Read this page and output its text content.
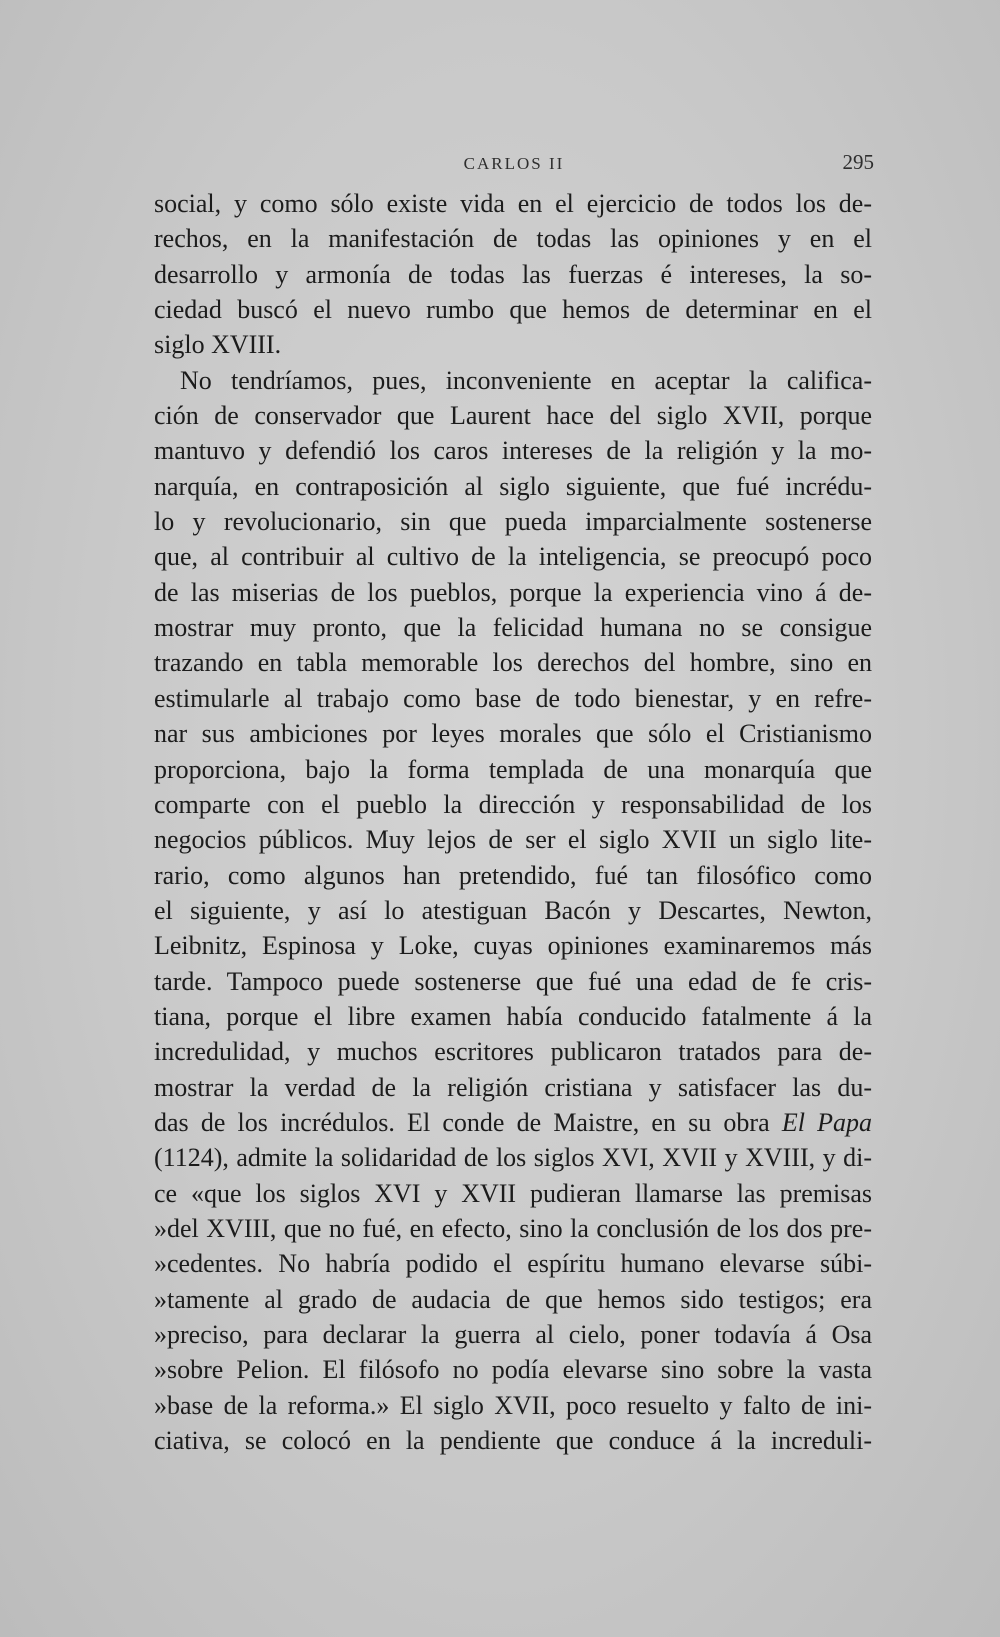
CARLOS II	295
social, y como sólo existe vida en el ejercicio de todos los de-
rechos, en la manifestación de todas las opiniones y en el
desarrollo y armonía de todas las fuerzas é intereses, la so-
ciedad buscó el nuevo rumbo que hemos de determinar en el
siglo XVIII.
No tendríamos, pues, inconveniente en aceptar la califica-
ción de conservador que Laurent hace del siglo XVII, porque
mantuvo y defendió los caros intereses de la religión y la mo-
narquía, en contraposición al siglo siguiente, que fué incrédu-
lo y revolucionario, sin que pueda imparcialmente sostenerse
que, al contribuir al cultivo de la inteligencia, se preocupó poco
de las miserias de los pueblos, porque la experiencia vino á de-
mostrar muy pronto, que la felicidad humana no se consigue
trazando en tabla memorable los derechos del hombre, sino en
estimularle al trabajo como base de todo bienestar, y en refre-
nar sus ambiciones por leyes morales que sólo el Cristianismo
proporciona, bajo la forma templada de una monarquía que
comparte con el pueblo la dirección y responsabilidad de los
negocios públicos. Muy lejos de ser el siglo XVII un siglo lite-
rario, como algunos han pretendido, fué tan filosófico como
el siguiente, y así lo atestiguan Bacón y Descartes, Newton,
Leibnitz, Espinosa y Loke, cuyas opiniones examinaremos más
tarde. Tampoco puede sostenerse que fué una edad de fe cris-
tiana, porque el libre examen había conducido fatalmente á la
incredulidad, y muchos escritores publicaron tratados para de-
mostrar la verdad de la religión cristiana y satisfacer las du-
das de los incrédulos. El conde de Maistre, en su obra El Papa
(1124), admite la solidaridad de los siglos XVI, XVII y XVIII, y di-
ce «que los siglos XVI y XVII pudieran llamarse las premisas
»del XVIII, que no fué, en efecto, sino la conclusión de los dos pre-
»cedentes. No habría podido el espíritu humano elevarse súbi-
»tamente al grado de audacia de que hemos sido testigos; era
»preciso, para declarar la guerra al cielo, poner todavía á Osa
»sobre Pelion. El filósofo no podía elevarse sino sobre la vasta
»base de la reforma.» El siglo XVII, poco resuelto y falto de ini-
ciativa, se colocó en la pendiente que conduce á la increduli-
